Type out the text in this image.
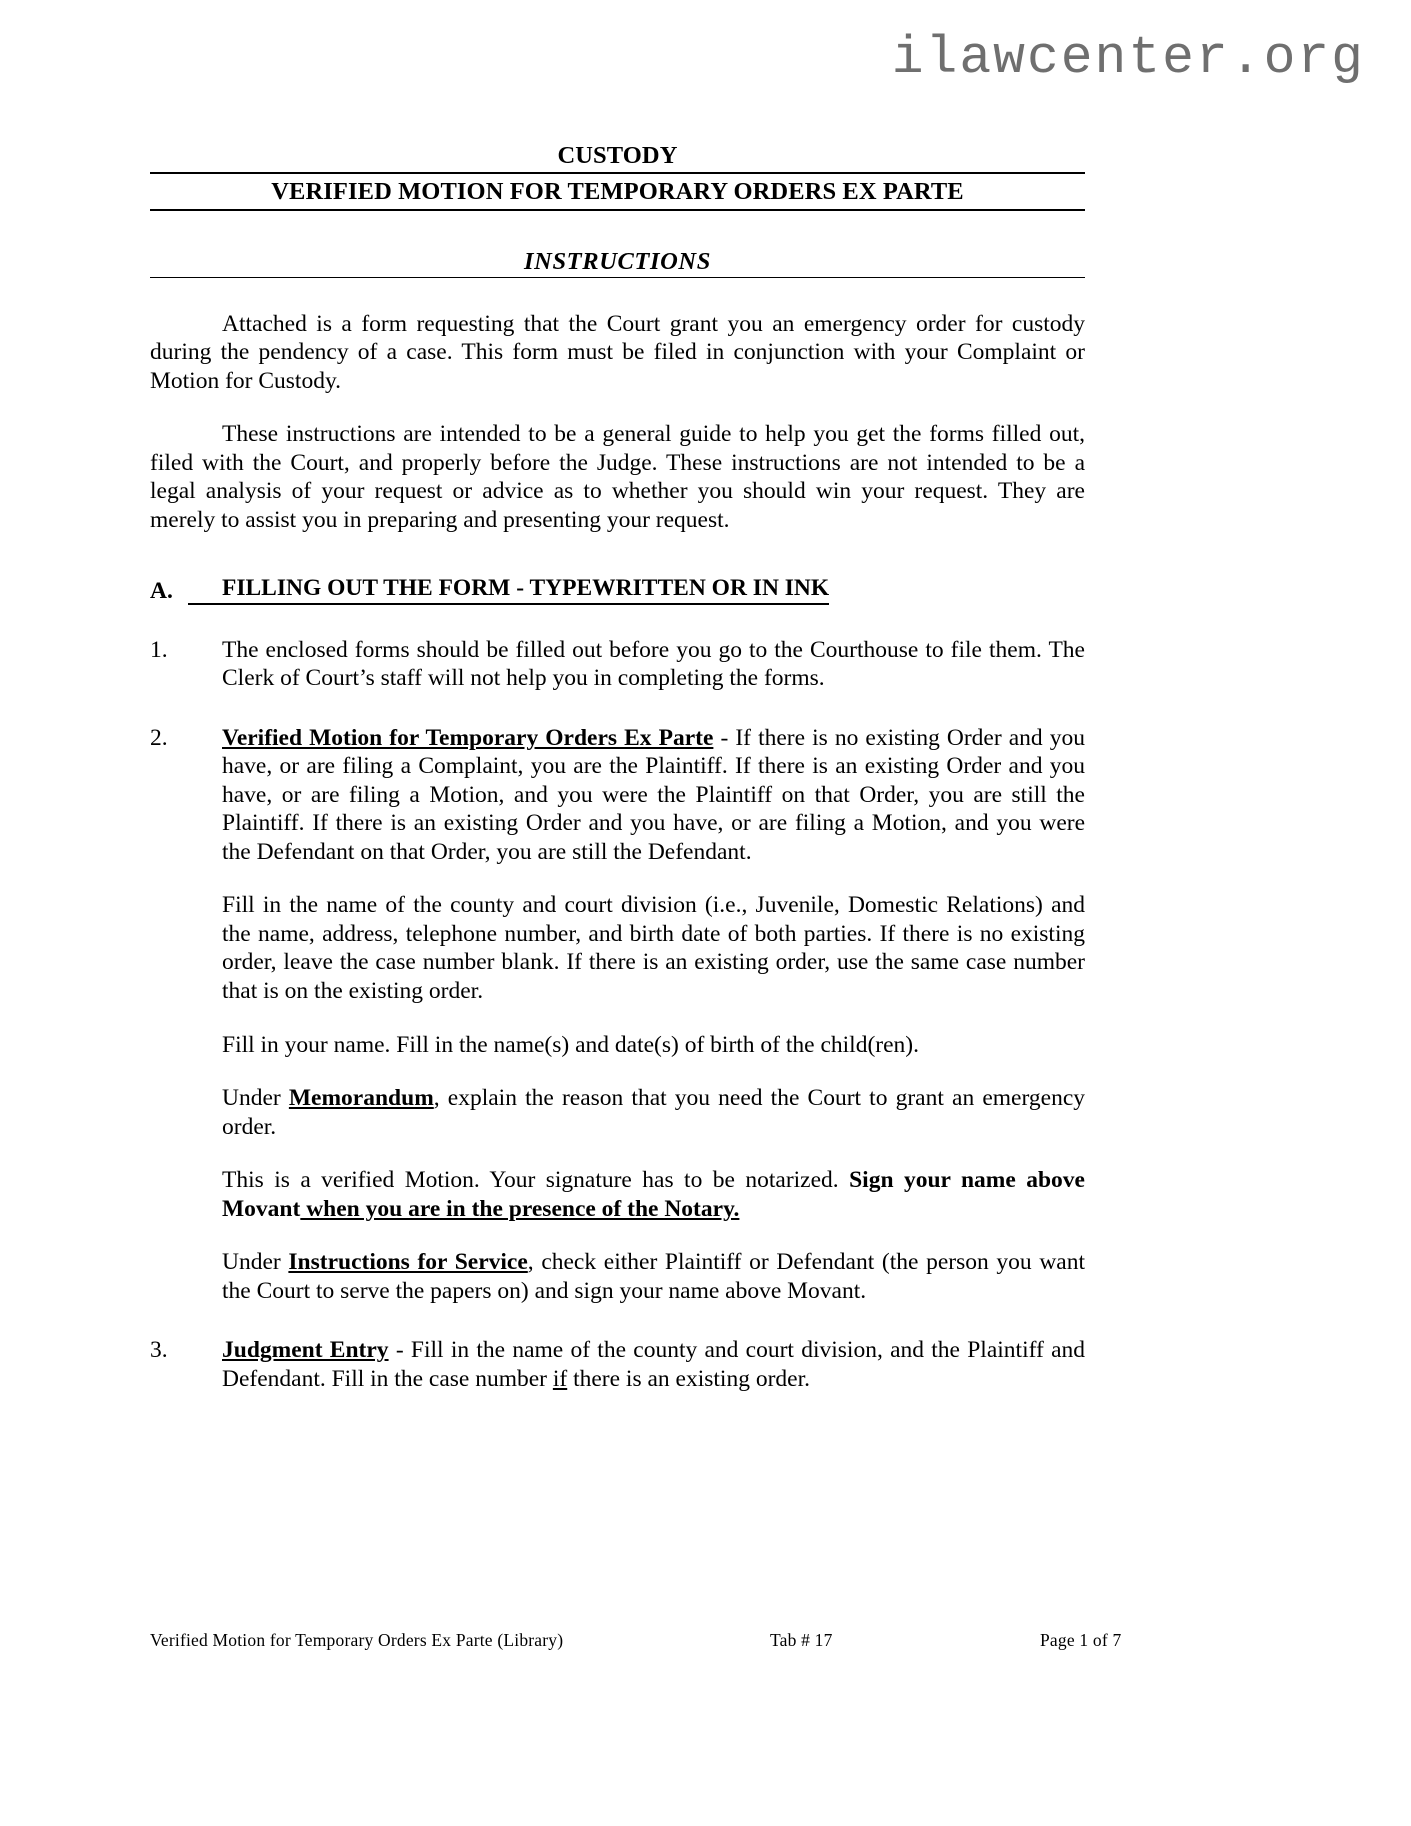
ilawcenter.org
CUSTODY
VERIFIED MOTION FOR TEMPORARY ORDERS EX PARTE
INSTRUCTIONS

Attached is a form requesting that the Court grant you an emergency order for custody during the pendency of a case. This form must be filed in conjunction with your Complaint or Motion for Custody.

These instructions are intended to be a general guide to help you get the forms filled out, filed with the Court, and properly before the Judge. These instructions are not intended to be a legal analysis of your request or advice as to whether you should win your request. They are merely to assist you in preparing and presenting your request.

A.	FILLING OUT THE FORM - TYPEWRITTEN OR IN INK
1.	The enclosed forms should be filled out before you go to the Courthouse to file them. The Clerk of Court’s staff will not help you in completing the forms.

2.	Verified Motion for Temporary Orders Ex Parte - If there is no existing Order and you have, or are filing a Complaint, you are the Plaintiff. If there is an existing Order and you have, or are filing a Motion, and you were the Plaintiff on that Order, you are still the Plaintiff. If there is an existing Order and you have, or are filing a Motion, and you were the Defendant on that Order, you are still the Defendant.

Fill in the name of the county and court division (i.e., Juvenile, Domestic Relations) and the name, address, telephone number, and birth date of both parties. If there is no existing order, leave the case number blank. If there is an existing order, use the same case number that is on the existing order.

Fill in your name. Fill in the name(s) and date(s) of birth of the child(ren).

Under Memorandum, explain the reason that you need the Court to grant an emergency order.

This is a verified Motion. Your signature has to be notarized. Sign your name above Movant when you are in the presence of the Notary.

Under Instructions for Service, check either Plaintiff or Defendant (the person you want the Court to serve the papers on) and sign your name above Movant.

3.	Judgment Entry - Fill in the name of the county and court division, and the Plaintiff and Defendant. Fill in the case number if there is an existing order.

Verified Motion for Temporary Orders Ex Parte (Library)	Tab # 17	Page 1 of 7
